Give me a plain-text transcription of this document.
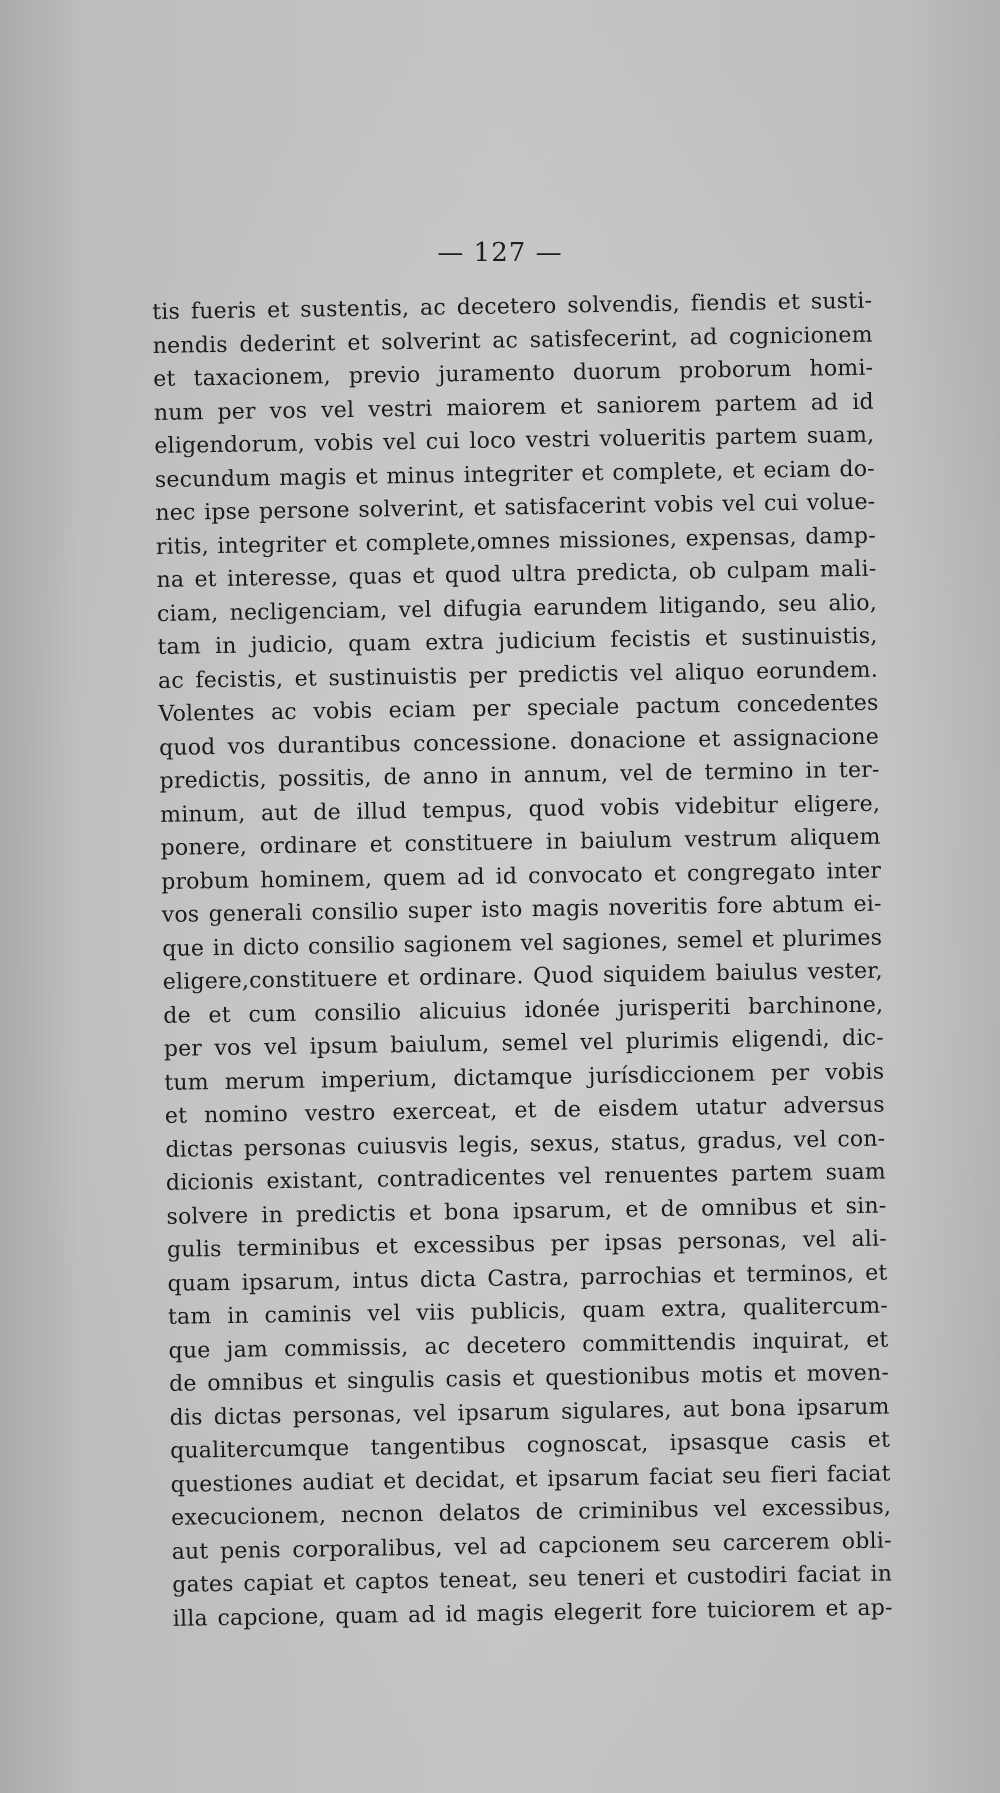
— 127 —
tis fueris et sustentis, ac decetero solvendis, fiendis et susti-
nendis dederint et solverint ac satisfecerint, ad cognicionem
et taxacionem, previo juramento duorum proborum homi-
num per vos vel vestri maiorem et saniorem partem ad id
eligendorum, vobis vel cui loco vestri volueritis partem suam,
secundum magis et minus integriter et complete, et eciam do-
nec ipse persone solverint, et satisfacerint vobis vel cui volue-
ritis, integriter et complete,omnes missiones, expensas, damp-
na et interesse, quas et quod ultra predicta, ob culpam mali-
ciam, necligenciam, vel difugia earundem litigando, seu alio,
tam in judicio, quam extra judicium fecistis et sustinuistis,
ac fecistis, et sustinuistis per predictis vel aliquo eorundem.
Volentes ac vobis eciam per speciale pactum concedentes
quod vos durantibus concessione. donacione et assignacione
predictis, possitis, de anno in annum, vel de termino in ter-
minum, aut de illud tempus, quod vobis videbitur eligere,
ponere, ordinare et constituere in baiulum vestrum aliquem
probum hominem, quem ad id convocato et congregato inter
vos generali consilio super isto magis noveritis fore abtum ei-
que in dicto consilio sagionem vel sagiones, semel et plurimes
eligere,constituere et ordinare. Quod siquidem baiulus vester,
de et cum consilio alicuius idonée jurisperiti barchinone,
per vos vel ipsum baiulum, semel vel plurimis eligendi, dic-
tum merum imperium, dictamque jurísdiccionem per vobis
et nomino vestro exerceat, et de eisdem utatur adversus
dictas personas cuiusvis legis, sexus, status, gradus, vel con-
dicionis existant, contradicentes vel renuentes partem suam
solvere in predictis et bona ipsarum, et de omnibus et sin-
gulis terminibus et excessibus per ipsas personas, vel ali-
quam ipsarum, intus dicta Castra, parrochias et terminos, et
tam in caminis vel viis publicis, quam extra, qualitercum-
que jam commissis, ac decetero committendis inquirat, et
de omnibus et singulis casis et questionibus motis et moven-
dis dictas personas, vel ipsarum sigulares, aut bona ipsarum
qualitercumque tangentibus cognoscat, ipsasque casis et
questiones audiat et decidat, et ipsarum faciat seu fieri faciat
execucionem, necnon delatos de criminibus vel excessibus,
aut penis corporalibus, vel ad capcionem seu carcerem obli-
gates capiat et captos teneat, seu teneri et custodiri faciat in
illa capcione, quam ad id magis elegerit fore tuiciorem et ap-
